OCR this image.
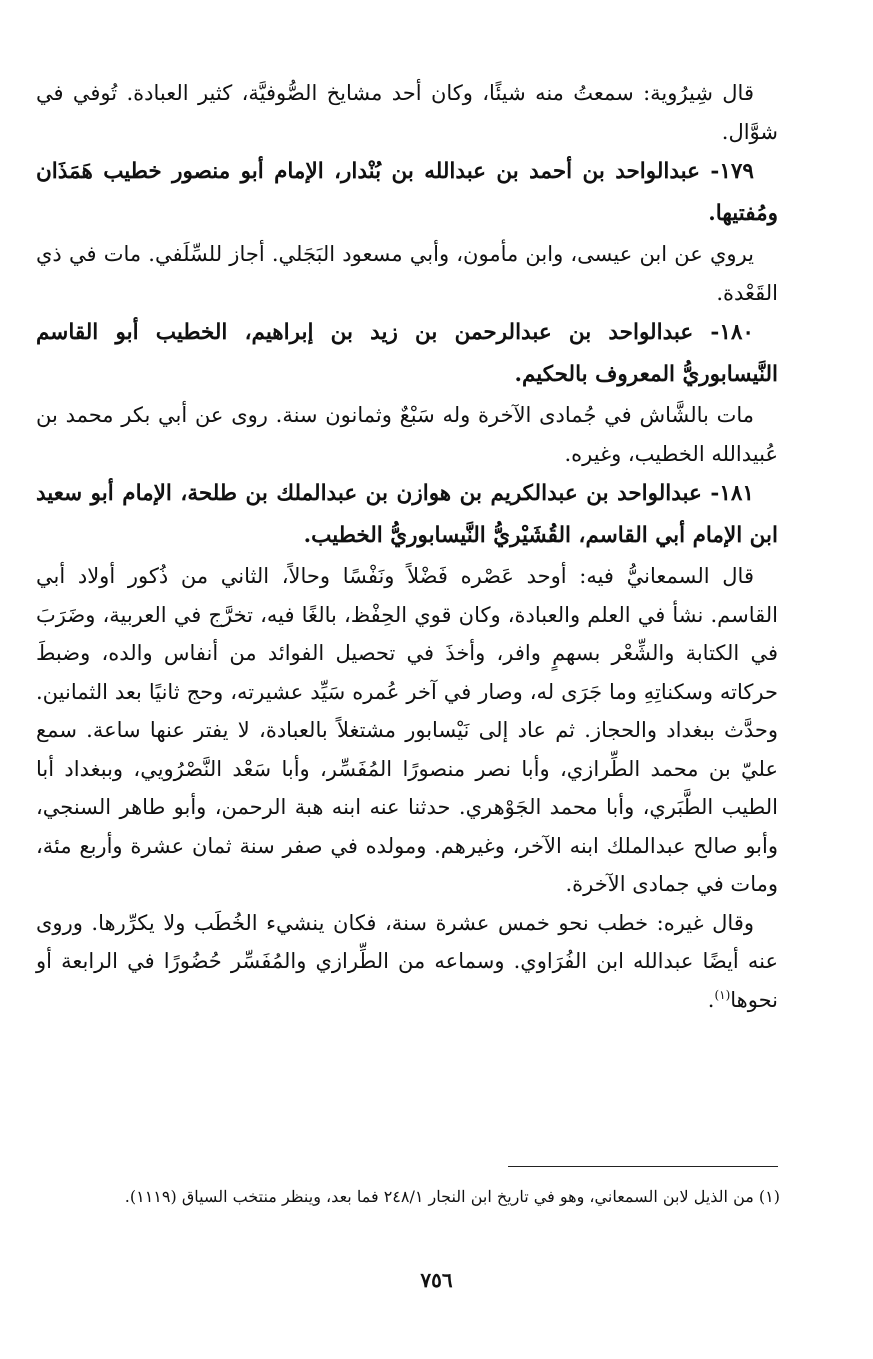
قال شِيرُوية: سمعتُ منه شيئًا، وكان أحد مشايخ الصُّوفيَّة، كثير العبادة. تُوفي في شوَّال.

١٧٩- عبدالواحد بن أحمد بن عبدالله بن بُنْدار، الإمام أبو منصور خطيب هَمَذَان ومُفتيها.

يروي عن ابن عيسى، وابن مأمون، وأبي مسعود البَجَلي. أجاز للسِّلَفي. مات في ذي القَعْدة.

١٨٠- عبدالواحد بن عبدالرحمن بن زيد بن إبراهيم، الخطيب أبو القاسم النَّيسابوريُّ المعروف بالحكيم.

مات بالشَّاش في جُمادى الآخرة وله سَبْعٌ وثمانون سنة. روى عن أبي بكر محمد بن عُبيدالله الخطيب، وغيره.

١٨١- عبدالواحد بن عبدالكريم بن هوازن بن عبدالملك بن طلحة، الإمام أبو سعيد ابن الإمام أبي القاسم، القُشَيْريُّ النَّيسابوريُّ الخطيب.

قال السمعانيُّ فيه: أوحد عَصْره فَضْلاً ونَفْسًا وحالاً، الثاني من ذُكور أولاد أبي القاسم. نشأ في العلم والعبادة، وكان قوي الحِفْظ، بالغًا فيه، تخرَّج في العربية، وضَرَبَ في الكتابة والشِّعْر بسهمٍ وافر، وأخذَ في تحصيل الفوائد من أنفاس والده، وضبطَ حركاته وسكناتِهِ وما جَرَى له، وصار في آخر عُمره سَيِّد عشيرته، وحج ثانيًا بعد الثمانين. وحدَّث ببغداد والحجاز. ثم عاد إلى نَيْسابور مشتغلاً بالعبادة، لا يفتر عنها ساعة. سمع عليّ بن محمد الطِّرازي، وأبا نصر منصورًا المُفَسِّر، وأبا سَعْد النَّصْرُويي، وببغداد أبا الطيب الطَّبَري، وأبا محمد الجَوْهري. حدثنا عنه ابنه هبة الرحمن، وأبو طاهر السنجي، وأبو صالح عبدالملك ابنه الآخر، وغيرهم. ومولده في صفر سنة ثمان عشرة وأربع مئة، ومات في جمادى الآخرة.

وقال غيره: خطب نحو خمس عشرة سنة، فكان ينشيء الخُطَب ولا يكرِّرها. وروى عنه أيضًا عبدالله ابن الفُرَاوي. وسماعه من الطِّرازي والمُفَسِّر حُضُورًا في الرابعة أو نحوها$^{(١)}$.

(١) من الذيل لابن السمعاني، وهو في تاريخ ابن النجار ٢٤٨/١ فما بعد، وينظر منتخب السياق (١١١٩).

٧٥٦
